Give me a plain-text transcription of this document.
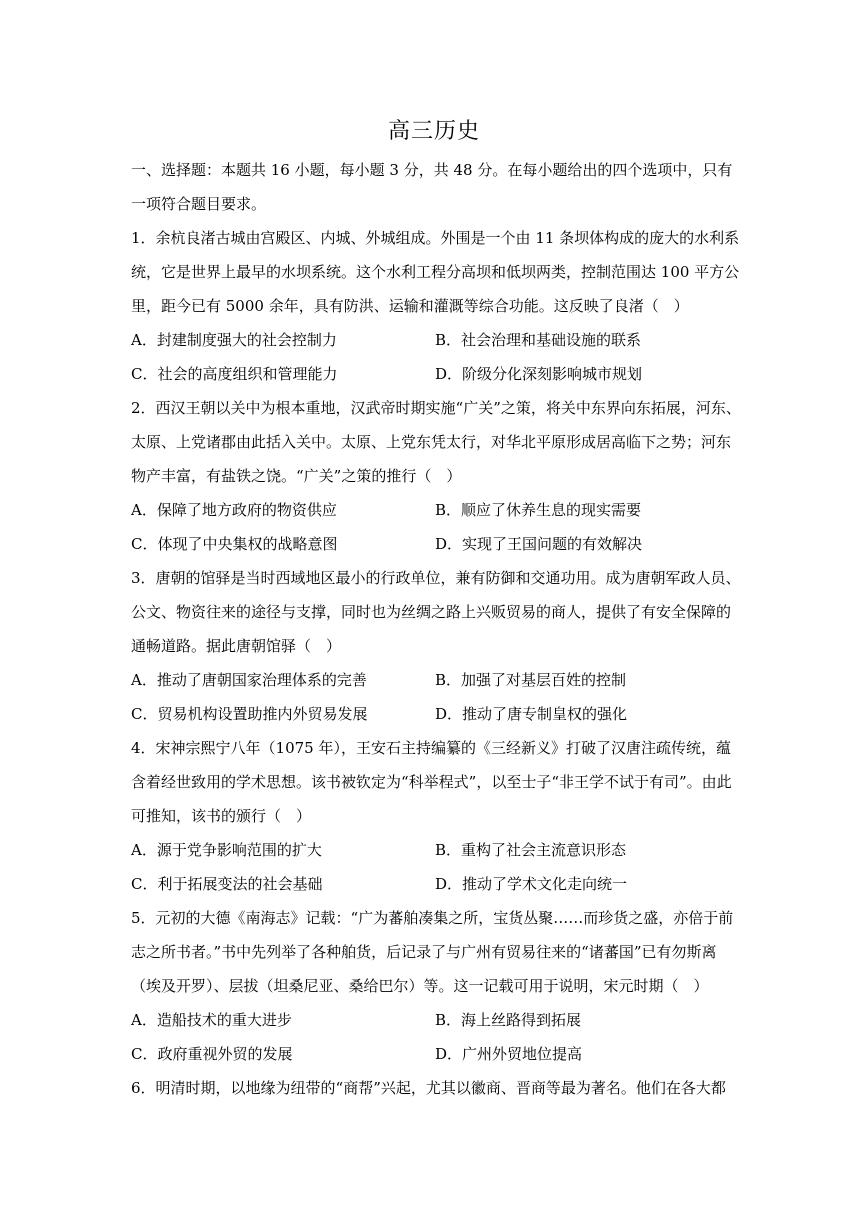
高三历史
一、选择题：本题共 16 小题，每小题 3 分，共 48 分。在每小题给出的四个选项中，只有
一项符合题目要求。
1．余杭良渚古城由宫殿区、内城、外城组成。外围是一个由 11 条坝体构成的庞大的水利系
统，它是世界上最早的水坝系统。这个水利工程分高坝和低坝两类，控制范围达 100 平方公
里，距今已有 5000 余年，具有防洪、运输和灌溉等综合功能。这反映了良渚（　）
A．封建制度强大的社会控制力	B．社会治理和基础设施的联系
C．社会的高度组织和管理能力	D．阶级分化深刻影响城市规划
2．西汉王朝以关中为根本重地，汉武帝时期实施“广关”之策，将关中东界向东拓展，河东、
太原、上党诸郡由此括入关中。太原、上党东凭太行，对华北平原形成居高临下之势；河东
物产丰富，有盐铁之饶。“广关”之策的推行（　）
A．保障了地方政府的物资供应	B．顺应了休养生息的现实需要
C．体现了中央集权的战略意图	D．实现了王国问题的有效解决
3．唐朝的馆驿是当时西域地区最小的行政单位，兼有防御和交通功用。成为唐朝军政人员、
公文、物资往来的途径与支撑，同时也为丝绸之路上兴贩贸易的商人，提供了有安全保障的
通畅道路。据此唐朝馆驿（　）
A．推动了唐朝国家治理体系的完善	B．加强了对基层百姓的控制
C．贸易机构设置助推内外贸易发展	D．推动了唐专制皇权的强化
4．宋神宗熙宁八年（1075 年），王安石主持编纂的《三经新义》打破了汉唐注疏传统，蕴
含着经世致用的学术思想。该书被钦定为“科举程式”，以至士子“非王学不试于有司”。由此
可推知，该书的颁行（　）
A．源于党争影响范围的扩大	B．重构了社会主流意识形态
C．利于拓展变法的社会基础	D．推动了学术文化走向统一
5．元初的大德《南海志》记载：“广为蕃舶凑集之所，宝货丛聚……而珍货之盛，亦倍于前
志之所书者。”书中先列举了各种舶货，后记录了与广州有贸易往来的“诸蕃国”已有勿斯离
（埃及开罗）、层拔（坦桑尼亚、桑给巴尔）等。这一记载可用于说明，宋元时期（　）
A．造船技术的重大进步	B．海上丝路得到拓展
C．政府重视外贸的发展	D．广州外贸地位提高
6．明清时期，以地缘为纽带的“商帮”兴起，尤其以徽商、晋商等最为著名。他们在各大都
